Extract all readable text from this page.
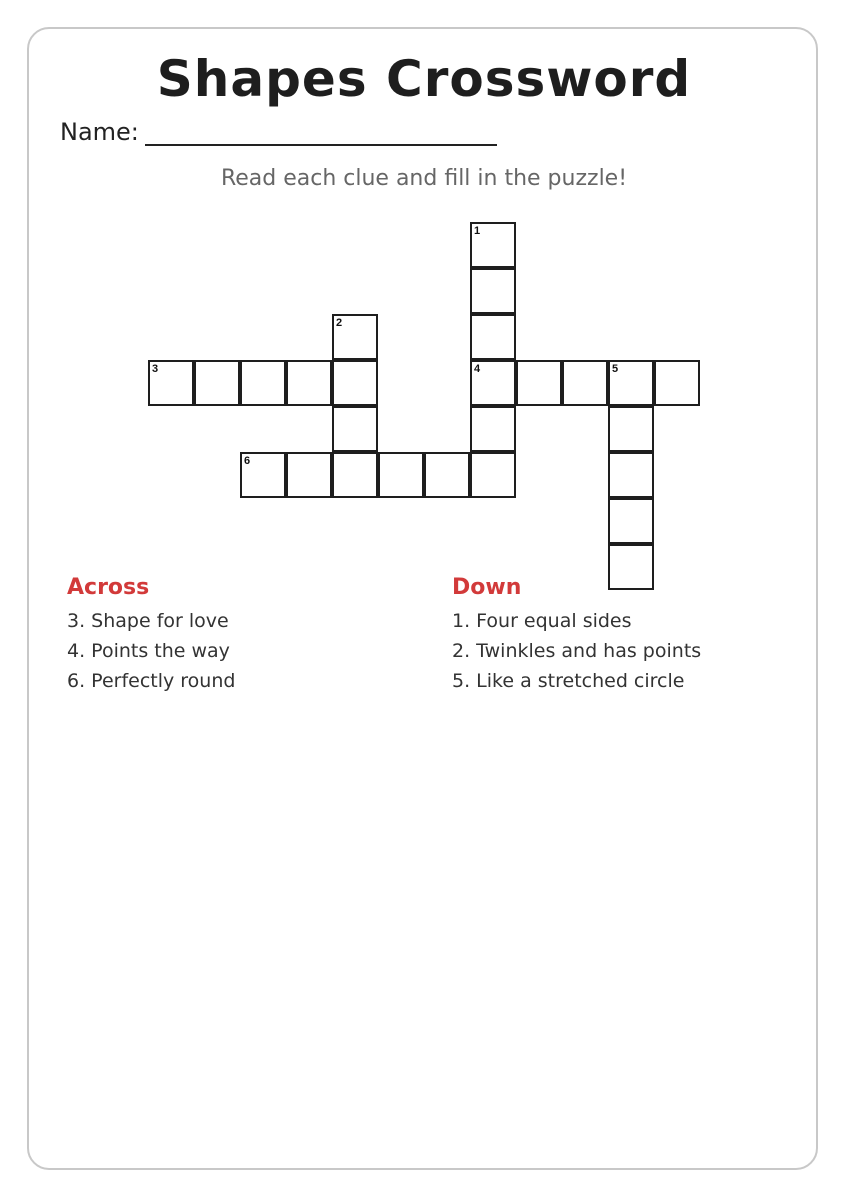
Shapes Crossword
Name:
Read each clue and fill in the puzzle!
1
4
2
3	5
6
Across
3. Shape for love
4. Points the way
6. Perfectly round
Down
1. Four equal sides
2. Twinkles and has points
5. Like a stretched circle
